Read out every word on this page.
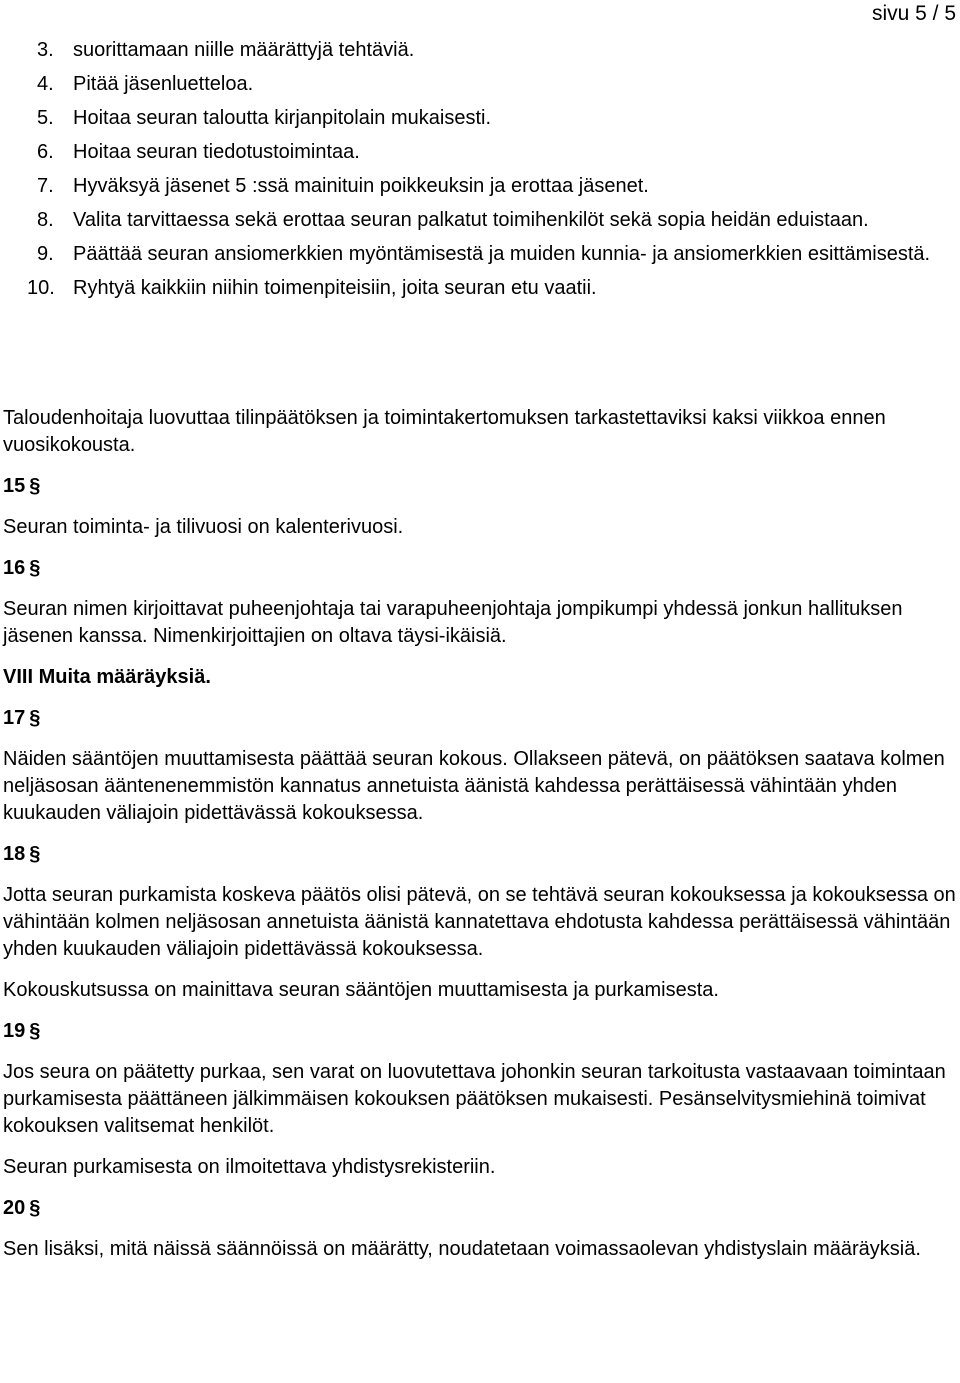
sivu 5 / 5
3. suorittamaan niille määrättyjä tehtäviä.
4. Pitää jäsenluetteloa.
5. Hoitaa seuran taloutta kirjanpitolain mukaisesti.
6. Hoitaa seuran tiedotustoimintaa.
7. Hyväksyä jäsenet 5 :ssä mainituin poikkeuksin ja erottaa jäsenet.
8. Valita tarvittaessa sekä erottaa seuran palkatut toimihenkilöt sekä sopia heidän eduistaan.
9. Päättää seuran ansiomerkkien myöntämisestä ja muiden kunnia- ja ansiomerkkien esittämisestä.
10. Ryhtyä kaikkiin niihin toimenpiteisiin, joita seuran etu vaatii.

Taloudenhoitaja luovuttaa tilinpäätöksen ja toimintakertomuksen tarkastettaviksi kaksi viikkoa ennen vuosikokousta.

15 §

Seuran toiminta- ja tilivuosi on kalenterivuosi.

16 §

Seuran nimen kirjoittavat puheenjohtaja tai varapuheenjohtaja jompikumpi yhdessä jonkun hallituksen jäsenen kanssa. Nimenkirjoittajien on oltava täysi-ikäisiä.

VIII Muita määräyksiä.

17 §

Näiden sääntöjen muuttamisesta päättää seuran kokous. Ollakseen pätevä, on päätöksen saatava kolmen neljäsosan ääntenenemmistön kannatus annetuista äänistä kahdessa perättäisessä vähintään yhden kuukauden väliajoin pidettävässä kokouksessa.

18 §

Jotta seuran purkamista koskeva päätös olisi pätevä, on se tehtävä seuran kokouksessa ja kokouksessa on vähintään kolmen neljäsosan annetuista äänistä kannatettava ehdotusta kahdessa perättäisessä vähintään yhden kuukauden väliajoin pidettävässä kokouksessa.

Kokouskutsussa on mainittava seuran sääntöjen muuttamisesta ja purkamisesta.

19 §

Jos seura on päätetty purkaa, sen varat on luovutettava johonkin seuran tarkoitusta vastaavaan toimintaan purkamisesta päättäneen jälkimmäisen kokouksen päätöksen mukaisesti. Pesänselvitysmiehinä toimivat kokouksen valitsemat henkilöt.

Seuran purkamisesta on ilmoitettava yhdistysrekisteriin.

20 §

Sen lisäksi, mitä näissä säännöissä on määrätty, noudatetaan voimassaolevan yhdistyslain määräyksiä.
